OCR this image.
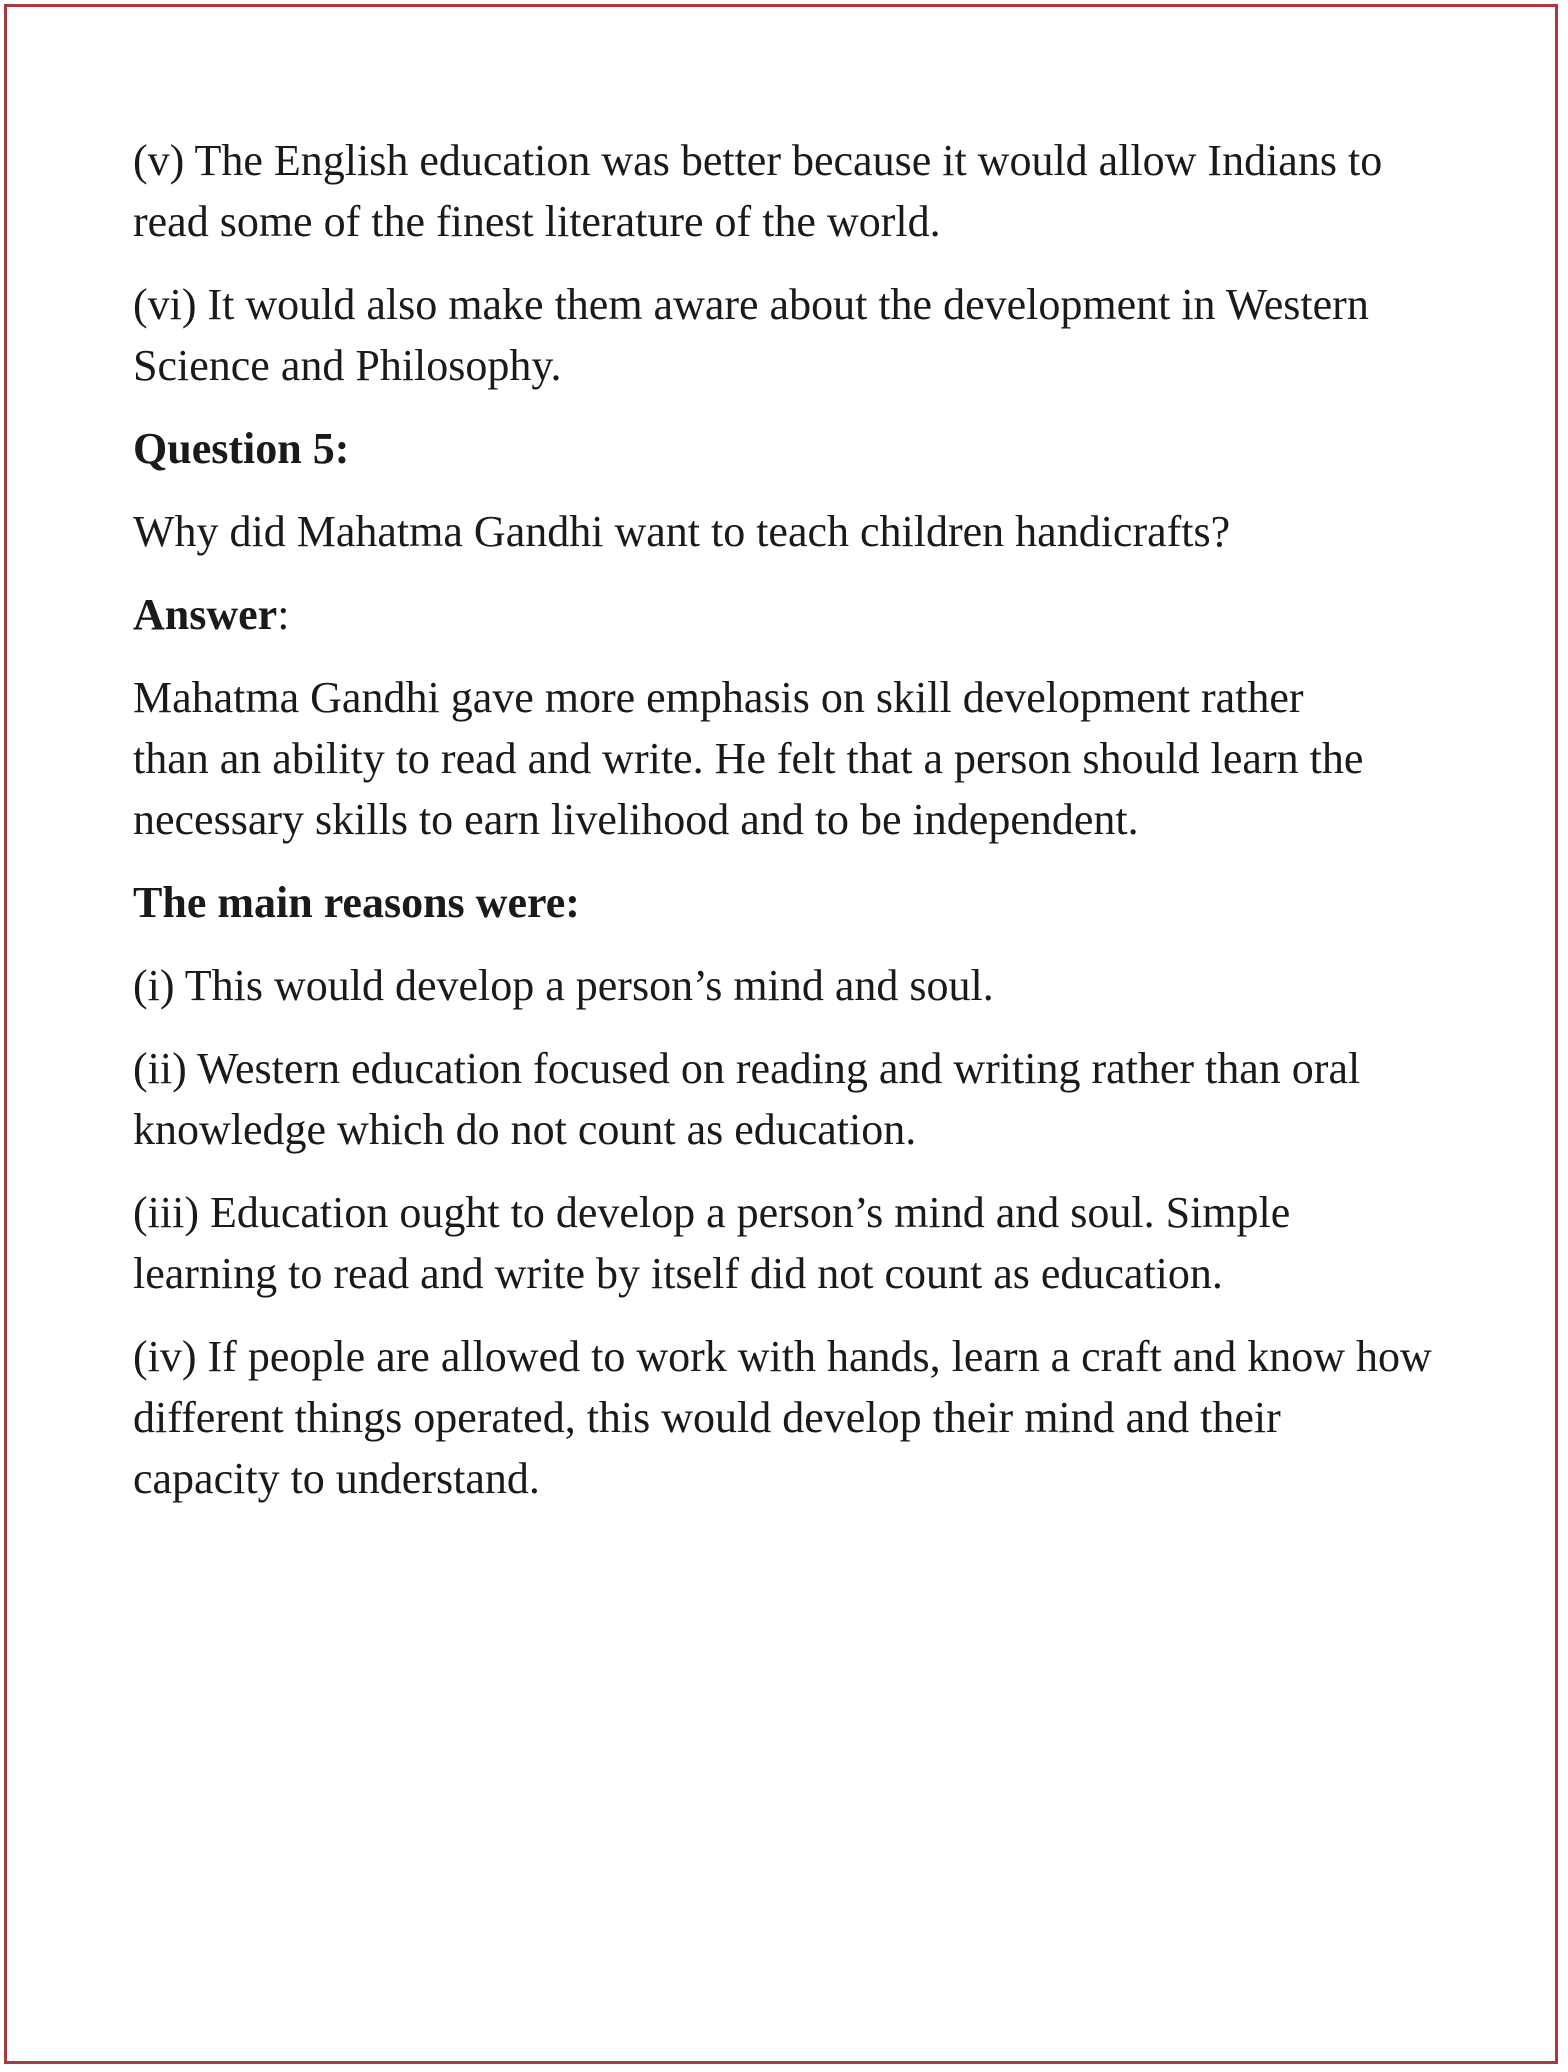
(v) The English education was better because it would allow Indians to read some of the finest literature of the world.

(vi) It would also make them aware about the development in Western Science and Philosophy.

Question 5:

Why did Mahatma Gandhi want to teach children handicrafts?

Answer:

Mahatma Gandhi gave more emphasis on skill development rather than an ability to read and write. He felt that a person should learn the necessary skills to earn livelihood and to be independent.

The main reasons were:

(i) This would develop a person’s mind and soul.

(ii) Western education focused on reading and writing rather than oral knowledge which do not count as education.

(iii) Education ought to develop a person’s mind and soul. Simple learning to read and write by itself did not count as education.

(iv) If people are allowed to work with hands, learn a craft and know how different things operated, this would develop their mind and their capacity to understand.
